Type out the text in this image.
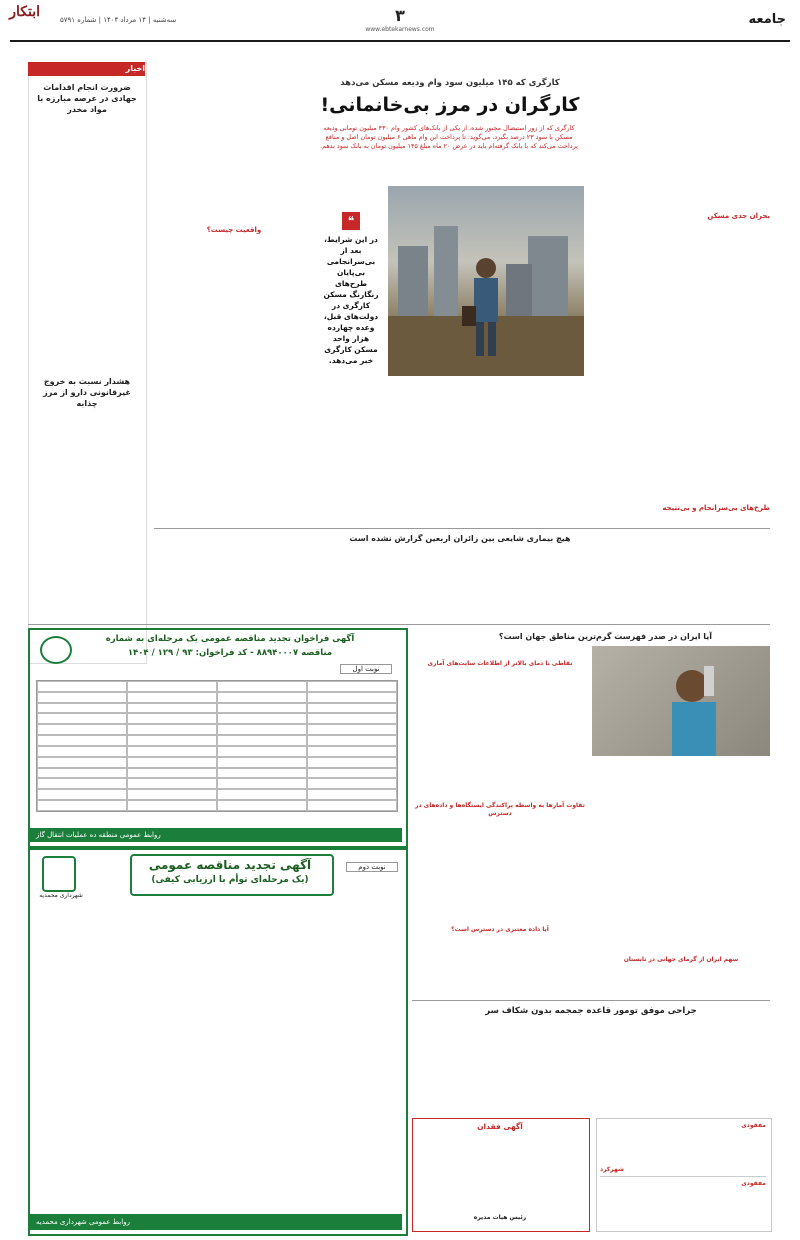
ابتکار	سه‌شنبه | ۱۴ مرداد ۱۴۰۴ | شماره ۵۷۹۱	۳
www.ebtekarnews.com
جامعه
اخبار
ضرورت انجام اقدامات جهادی در عرصه مبارزه با مواد مخدر
هشدار نسبت به خروج غیرقانونی دارو از مرز چذابه
کارگری که ۱۴۵ میلیون سود وام ودیعه مسکن می‌دهد
کارگران در مرز بی‌خانمانی!
کارگری که از زور استیصال مجبور شده، از یکی از بانک‌های کشور وام ۴۳۰ میلیون تومانی ودیعه مسکن با سود ۲۳ درصد بگیرد، می‌گوید: تا پرداخت این وام ماهی ۶ میلیون تومان اصل و منافع پرداخت می‌کند که با بانک گرفته‌ام باید در عرض ۲۰ ماه مبلغ ۱۴۵ میلیون تومان به بانک سود بدهم.
بحران جدی مسکن
طرح‌های بی‌سرانجام و بی‌نتیجه
واقعیت چیست؟
❝
در این شرایط، بعد از بی‌سرانجامی بی‌پایان طرح‌های رنگارنگ مسکن کارگری در دولت‌های قبل، وعده چهارده هزار واحد مسکن کارگری خبر می‌دهد.
هیچ بیماری شایعی بین زائران اربعین گزارش نشده است
آگهی فراخوان تجدید مناقصه عمومی یک مرحله‌ای به شماره
مناقصه ۸۸۹۴۰۰۰۷ - کد فراخوان: ۹۳ / ۱۲۹ / ۱۴۰۴
نوبت اول
روابط عمومی منطقه ده عملیات انتقال گاز
آگهی تجدید مناقصه عمومی
(یک مرحله‌ای توأم با ارزیابی کیفی)
نوبت دوم
شهرداری محمدیه
روابط عمومی شهرداری محمدیه
آیا ایران در صدر فهرست گرم‌ترین مناطق جهان است؟
نقاطی با دمای بالاتر از اطلاعات سایت‌های آماری
تفاوت آمارها به واسطه پراکندگی ایستگاه‌ها و داده‌های در دسترس
آیا داده معتبری در دسترس است؟
سهم ایران از گرمای جهانی در تابستان
جراحی موفق تومور قاعده جمجمه بدون شکاف سر
آگهی فقدان
رئیس هیات مدیره
مفقودی
شهرکرد
مفقودی
